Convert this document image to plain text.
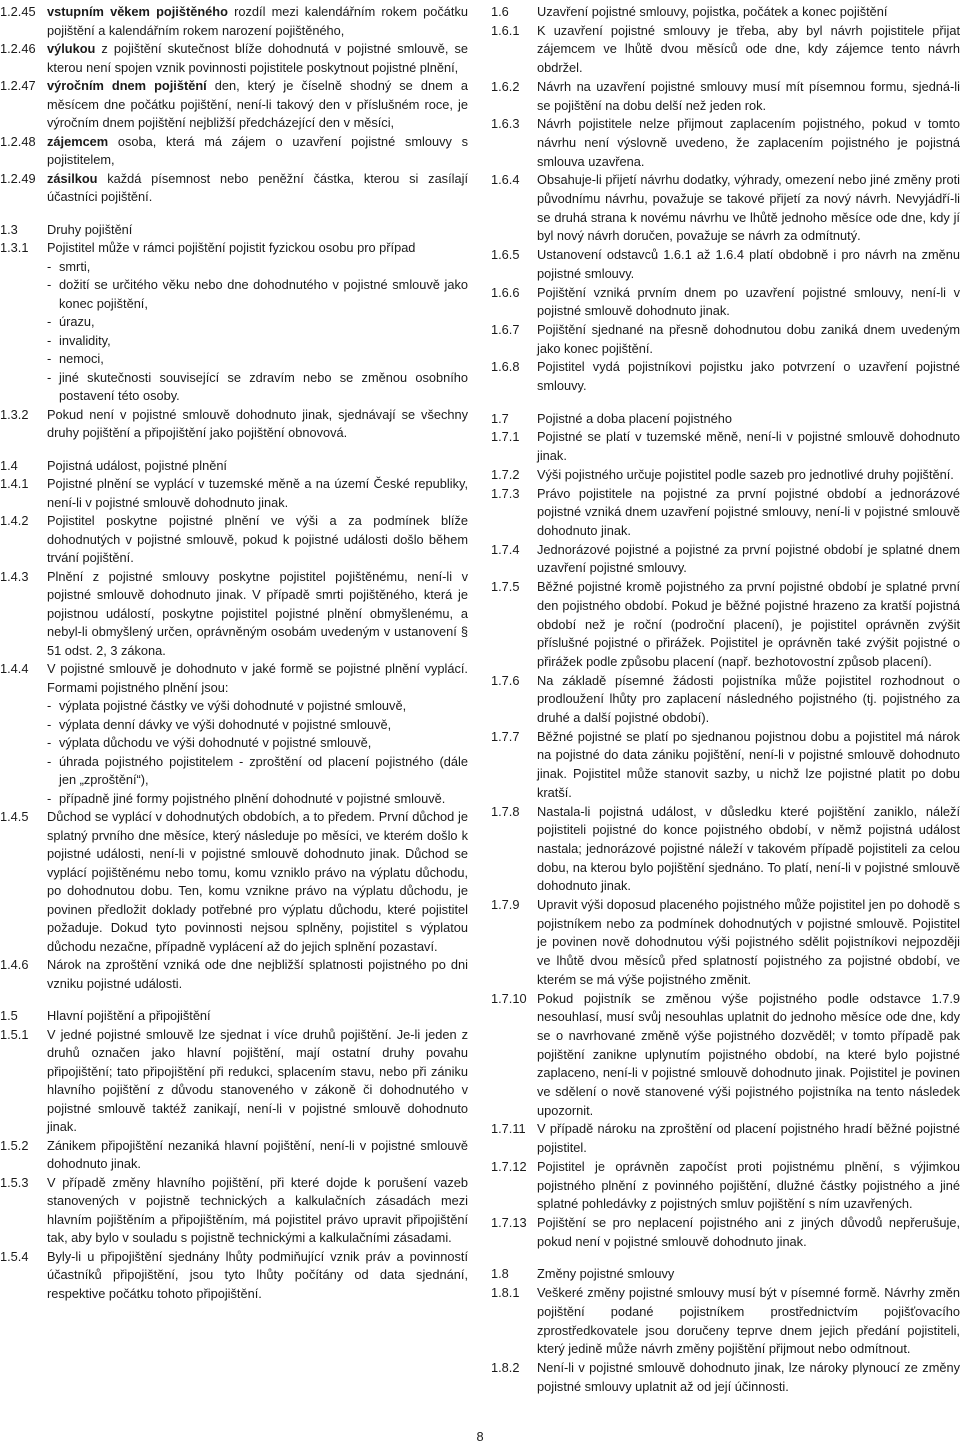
1.2.45 vstupním věkem pojištěného rozdíl mezi kalendářním rokem počátku pojištění a kalendářním rokem narození pojištěného,
1.2.46 výlukou z pojištění skutečnost blíže dohodnutá v pojistné smlouvě, se kterou není spojen vznik povinnosti pojistitele poskytnout pojistné plnění,
1.2.47 výročním dnem pojištění den, který je číselně shodný se dnem a měsícem dne počátku pojištění, není-li takový den v příslušném roce, je výročním dnem pojištění nejbližší předcházející den v měsíci,
1.2.48 zájemcem osoba, která má zájem o uzavření pojistné smlouvy s pojistitelem,
1.2.49 zásilkou každá písemnost nebo peněžní částka, kterou si zasílají účastníci pojištění.
1.3	Druhy pojištění
1.3.1	Pojistitel může v rámci pojištění pojistit fyzickou osobu pro případ
- smrti,
- dožití se určitého věku nebo dne dohodnutého v pojistné smlouvě jako konec pojištění,
- úrazu,
- invalidity,
- nemoci,
- jiné skutečnosti související se zdravím nebo se změnou osobního postavení této osoby.
1.3.2	Pokud není v pojistné smlouvě dohodnuto jinak, sjednávají se všechny druhy pojištění a připojištění jako pojištění obnovová.
1.4	Pojistná událost, pojistné plnění
1.4.1	Pojistné plnění se vyplácí v tuzemské měně a na území České republiky, není-li v pojistné smlouvě dohodnuto jinak.
1.4.2	Pojistitel poskytne pojistné plnění ve výši a za podmínek blíže dohodnutých v pojistné smlouvě, pokud k pojistné události došlo během trvání pojištění.
1.4.3	Plnění z pojistné smlouvy poskytne pojistitel pojištěnému, není-li v pojistné smlouvě dohodnuto jinak. V případě smrti pojištěného, která je pojistnou událostí, poskytne pojistitel pojistné plnění obmyšlenému, a nebyl-li obmyšlený určen, oprávněným osobám uvedeným v ustanovení § 51 odst. 2, 3 zákona.
1.4.4	V pojistné smlouvě je dohodnuto v jaké formě se pojistné plnění vyplácí. Formami pojistného plnění jsou:
- výplata pojistné částky ve výši dohodnuté v pojistné smlouvě,
- výplata denní dávky ve výši dohodnuté v pojistné smlouvě,
- výplata důchodu ve výši dohodnuté v pojistné smlouvě,
- úhrada pojistného pojistitelem - zproštění od placení pojistného (dále jen „zproštění“),
- případně jiné formy pojistného plnění dohodnuté v pojistné smlouvě.
1.4.5	Důchod se vyplácí v dohodnutých obdobích, a to předem. První důchod je splatný prvního dne měsíce, který následuje po měsíci, ve kterém došlo k pojistné události, není-li v pojistné smlouvě dohodnuto jinak. Důchod se vyplácí pojištěnému nebo tomu, komu vzniklo právo na výplatu důchodu, po dohodnutou dobu. Ten, komu vznikne právo na výplatu důchodu, je povinen předložit doklady potřebné pro výplatu důchodu, které pojistitel požaduje. Dokud tyto povinnosti nejsou splněny, pojistitel s výplatou důchodu nezačne, případně vyplácení až do jejich splnění pozastaví.
1.4.6	Nárok na zproštění vzniká ode dne nejbližší splatnosti pojistného po dni vzniku pojistné události.
1.5	Hlavní pojištění a připojištění
1.5.1	V jedné pojistné smlouvě lze sjednat i více druhů pojištění. Je-li jeden z druhů označen jako hlavní pojištění, mají ostatní druhy povahu připojištění; tato připojištění při redukci, splacením stavu, nebo při zániku hlavního pojištění z důvodu stanoveného v zákoně či dohodnutého v pojistné smlouvě taktéž zanikají, není-li v pojistné smlouvě dohodnuto jinak.
1.5.2	Zánikem připojištění nezaniká hlavní pojištění, není-li v pojistné smlouvě dohodnuto jinak.
1.5.3	V případě změny hlavního pojištění, při které dojde k porušení vazeb stanovených v pojistně technických a kalkulačních zásadách mezi hlavním pojištěním a připojištěním, má pojistitel právo upravit připojištění tak, aby bylo v souladu s pojistně technickými a kalkulačními zásadami.
1.5.4	Byly-li u připojištění sjednány lhůty podmiňující vznik práv a povinností účastníků připojištění, jsou tyto lhůty počítány od data sjednání, respektive počátku tohoto připojištění.
1.6	Uzavření pojistné smlouvy, pojistka, počátek a konec pojištění
1.6.1	K uzavření pojistné smlouvy je třeba, aby byl návrh pojistitele přijat zájemcem ve lhůtě dvou měsíců ode dne, kdy zájemce tento návrh obdržel.
1.6.2	Návrh na uzavření pojistné smlouvy musí mít písemnou formu, sjedná-li se pojištění na dobu delší než jeden rok.
1.6.3	Návrh pojistitele nelze přijmout zaplacením pojistného, pokud v tomto návrhu není výslovně uvedeno, že zaplacením pojistného je pojistná smlouva uzavřena.
1.6.4	Obsahuje-li přijetí návrhu dodatky, výhrady, omezení nebo jiné změny proti původnímu návrhu, považuje se takové přijetí za nový návrh. Nevyjádří-li se druhá strana k novému návrhu ve lhůtě jednoho měsíce ode dne, kdy jí byl nový návrh doručen, považuje se návrh za odmítnutý.
1.6.5	Ustanovení odstavců 1.6.1 až 1.6.4 platí obdobně i pro návrh na změnu pojistné smlouvy.
1.6.6	Pojištění vzniká prvním dnem po uzavření pojistné smlouvy, není-li v pojistné smlouvě dohodnuto jinak.
1.6.7	Pojištění sjednané na přesně dohodnutou dobu zaniká dnem uvedeným jako konec pojištění.
1.6.8	Pojistitel vydá pojistníkovi pojistku jako potvrzení o uzavření pojistné smlouvy.
1.7	Pojistné a doba placení pojistného
1.7.1	Pojistné se platí v tuzemské měně, není-li v pojistné smlouvě dohodnuto jinak.
1.7.2	Výši pojistného určuje pojistitel podle sazeb pro jednotlivé druhy pojištění.
1.7.3	Právo pojistitele na pojistné za první pojistné období a jednorázové pojistné vzniká dnem uzavření pojistné smlouvy, není-li v pojistné smlouvě dohodnuto jinak.
1.7.4	Jednorázové pojistné a pojistné za první pojistné období je splatné dnem uzavření pojistné smlouvy.
1.7.5	Běžné pojistné kromě pojistného za první pojistné období je splatné první den pojistného období. Pokud je běžné pojistné hrazeno za kratší pojistná období než je roční (področní placení), je pojistitel oprávněn zvýšit příslušné pojistné o přirážek. Pojistitel je oprávněn také zvýšit pojistné o přirážek podle způsobu placení (např. bezhotovostní způsob placení).
1.7.6	Na základě písemné žádosti pojistníka může pojistitel rozhodnout o prodloužení lhůty pro zaplacení následného pojistného (tj. pojistného za druhé a další pojistné období).
1.7.7	Běžné pojistné se platí po sjednanou pojistnou dobu a pojistitel má nárok na pojistné do data zániku pojištění, není-li v pojistné smlouvě dohodnuto jinak. Pojistitel může stanovit sazby, u nichž lze pojistné platit po dobu kratší.
1.7.8	Nastala-li pojistná událost, v důsledku které pojištění zaniklo, náleží pojistiteli pojistné do konce pojistného období, v němž pojistná událost nastala; jednorázové pojistné náleží v takovém případě pojistiteli za celou dobu, na kterou bylo pojištění sjednáno. To platí, není-li v pojistné smlouvě dohodnuto jinak.
1.7.9	Upravit výši doposud placeného pojistného může pojistitel jen po dohodě s pojistníkem nebo za podmínek dohodnutých v pojistné smlouvě. Pojistitel je povinen nově dohodnutou výši pojistného sdělit pojistníkovi nejpozději ve lhůtě dvou měsíců před splatností pojistného za pojistné období, ve kterém se má výše pojistného změnit.
1.7.10 Pokud pojistník se změnou výše pojistného podle odstavce 1.7.9 nesouhlasí, musí svůj nesouhlas uplatnit do jednoho měsíce ode dne, kdy se o navrhované změně výše pojistného dozvěděl; v tomto případě pak pojištění zanikne uplynutím pojistného období, na které bylo pojistné zaplaceno, není-li v pojistné smlouvě dohodnuto jinak. Pojistitel je povinen ve sdělení o nově stanovené výši pojistného pojistníka na tento následek upozornit.
1.7.11 V případě nároku na zproštění od placení pojistného hradí běžné pojistné pojistitel.
1.7.12 Pojistitel je oprávněn započíst proti pojistnému plnění, s výjimkou pojistného plnění z povinného pojištění, dlužné částky pojistného a jiné splatné pohledávky z pojistných smluv pojištění s ním uzavřených.
1.7.13 Pojištění se pro neplacení pojistného ani z jiných důvodů nepřerušuje, pokud není v pojistné smlouvě dohodnuto jinak.
1.8	Změny pojistné smlouvy
1.8.1	Veškeré změny pojistné smlouvy musí být v písemné formě. Návrhy změn pojištění podané pojistníkem prostřednictvím pojišťovacího zprostředkovatele jsou doručeny teprve dnem jejich předání pojistiteli, který jedině může návrh změny pojištění přijmout nebo odmítnout.
1.8.2	Není-li v pojistné smlouvě dohodnuto jinak, lze nároky plynoucí ze změny pojistné smlouvy uplatnit až od její účinnosti.
8
